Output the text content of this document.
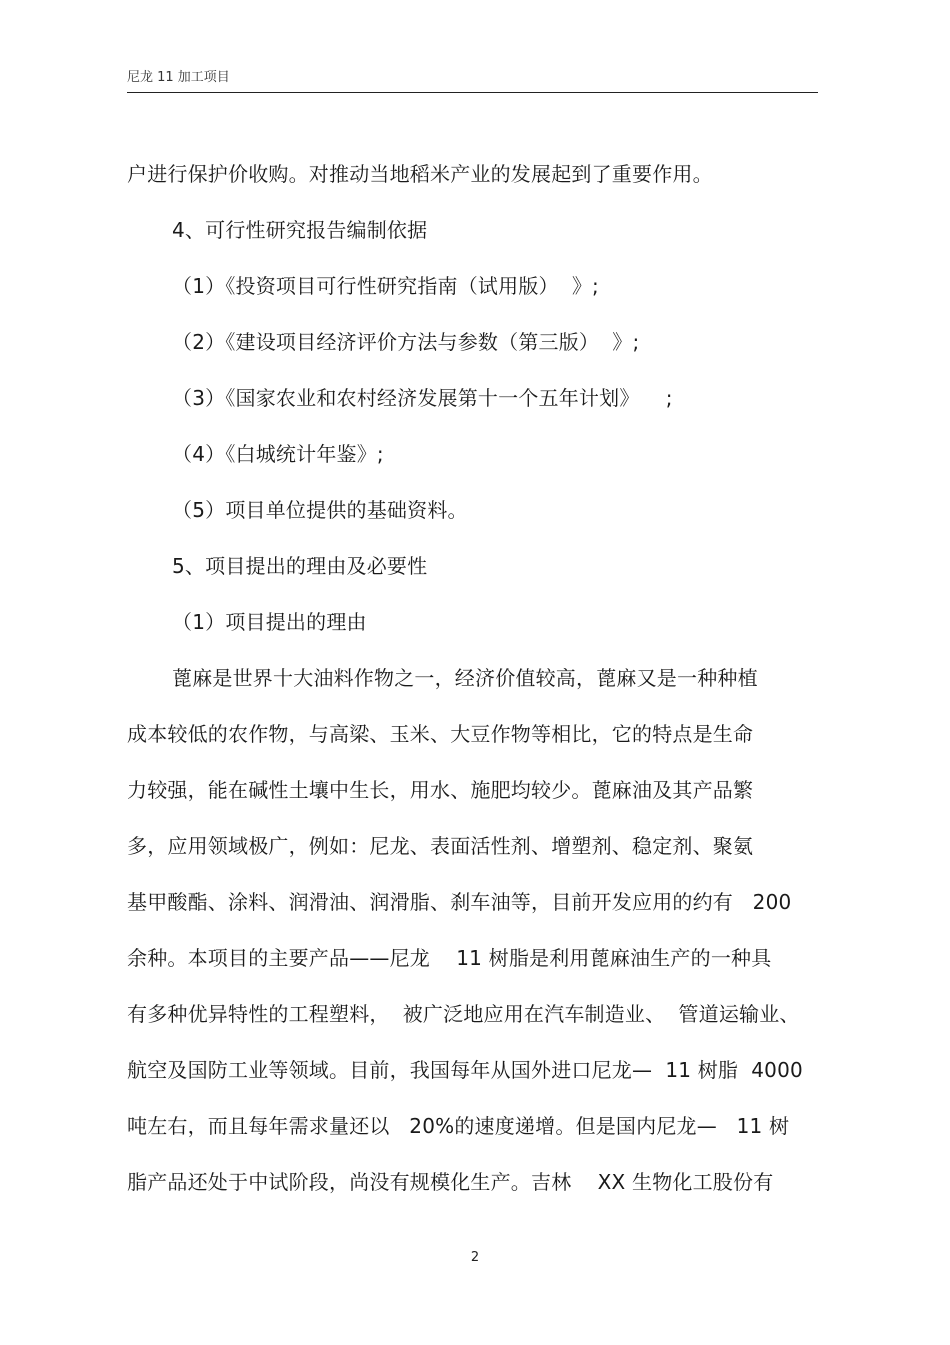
尼龙 11 加工项目
户进行保护价收购。对推动当地稻米产业的发展起到了重要作用。
4、可行性研究报告编制依据
（1）《投资项目可行性研究指南（试用版）  》;
（2）《建设项目经济评价方法与参数（第三版）  》;
（3）《国家农业和农村经济发展第十一个五年计划》    ;
（4）《白城统计年鉴》;
（5）项目单位提供的基础资料。
5、项目提出的理由及必要性
（1）项目提出的理由
蓖麻是世界十大油料作物之一，经济价值较高，蓖麻又是一种种植
成本较低的农作物，与高梁、玉米、大豆作物等相比，它的特点是生命
力较强，能在碱性土壤中生长，用水、施肥均较少。蓖麻油及其产品繁
多，应用领域极广，例如：尼龙、表面活性剂、增塑剂、稳定剂、聚氨
基甲酸酯、涂料、润滑油、润滑脂、刹车油等，目前开发应用的约有   200
余种。本项目的主要产品——尼龙    11 树脂是利用蓖麻油生产的一种具
有多种优异特性的工程塑料，  被广泛地应用在汽车制造业、  管道运输业、
航空及国防工业等领域。目前，我国每年从国外进口尼龙—  11 树脂  4000
吨左右，而且每年需求量还以   20%的速度递增。但是国内尼龙—   11 树
脂产品还处于中试阶段，尚没有规模化生产。吉林    XX 生物化工股份有
2
